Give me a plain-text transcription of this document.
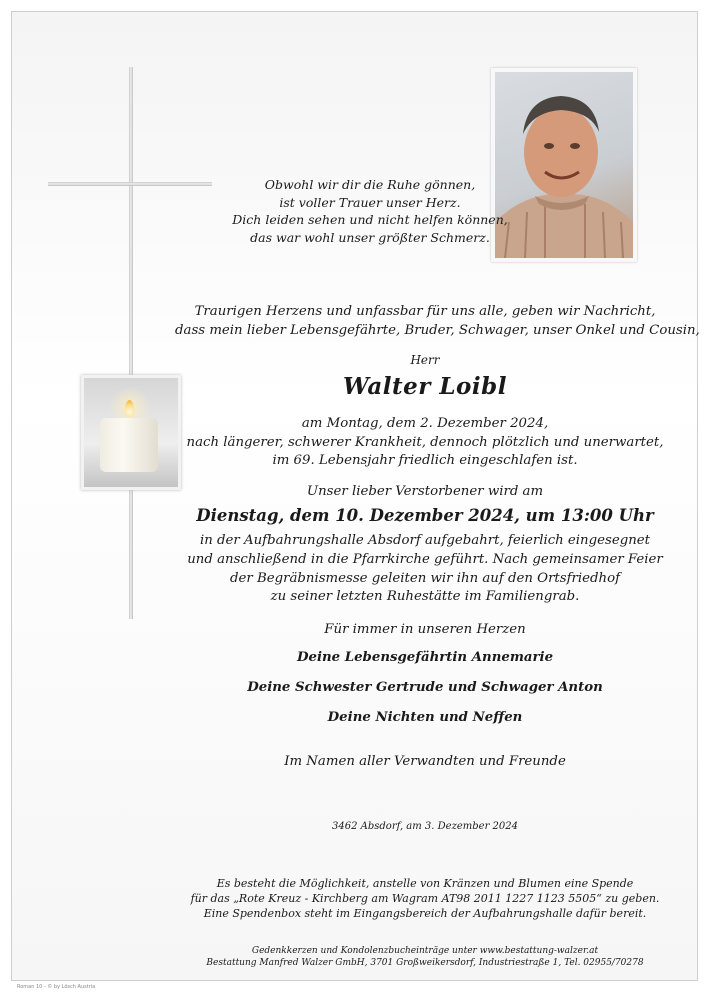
Obwohl wir dir die Ruhe gönnen,
ist voller Trauer unser Herz.
Dich leiden sehen und nicht helfen können,
das war wohl unser größter Schmerz.
Traurigen Herzens und unfassbar für uns alle, geben wir Nachricht,
dass mein lieber Lebensgefährte, Bruder, Schwager, unser Onkel und Cousin,
Herr
Walter Loibl
am Montag, dem 2. Dezember 2024,
nach längerer, schwerer Krankheit, dennoch plötzlich und unerwartet,
im 69. Lebensjahr friedlich eingeschlafen ist.
Unser lieber Verstorbener wird am
Dienstag, dem 10. Dezember 2024, um 13:00 Uhr
in der Aufbahrungshalle Absdorf aufgebahrt, feierlich eingesegnet
und anschließend in die Pfarrkirche geführt. Nach gemeinsamer Feier
der Begräbnismesse geleiten wir ihn auf den Ortsfriedhof
zu seiner letzten Ruhestätte im Familiengrab.
Für immer in unseren Herzen
Deine Lebensgefährtin Annemarie
Deine Schwester Gertrude und Schwager Anton
Deine Nichten und Neffen
Im Namen aller Verwandten und Freunde
3462 Absdorf, am 3. Dezember 2024
Es besteht die Möglichkeit, anstelle von Kränzen und Blumen eine Spende
für das „Rote Kreuz - Kirchberg am Wagram AT98 2011 1227 1123 5505“ zu geben.
Eine Spendenbox steht im Eingangsbereich der Aufbahrungshalle dafür bereit.
Gedenkkerzen und Kondolenzbucheinträge unter www.bestattung-walzer.at
Bestattung Manfred Walzer GmbH, 3701 Großweikersdorf, Industriestraße 1, Tel. 02955/70278
Roman 10 - © by Lösch Austria
